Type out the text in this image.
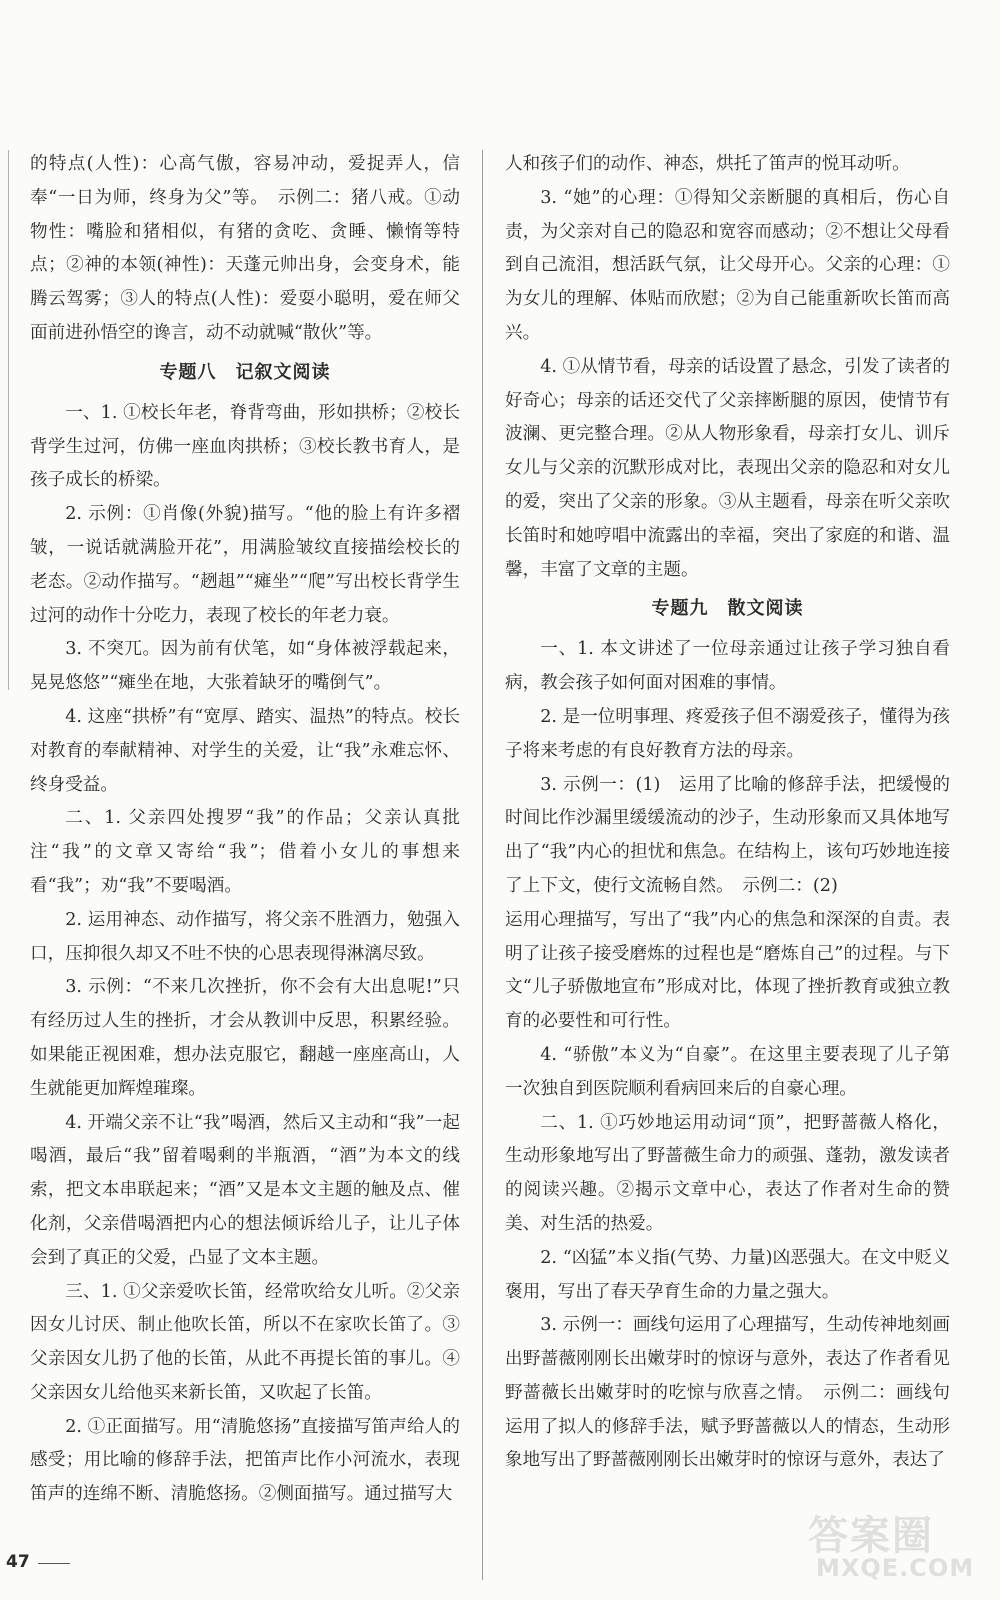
的特点(人性)：心高气傲，容易冲动，爱捉弄人，信奉“一日为师，终身为父”等。　示例二：猪八戒。①动物性：嘴脸和猪相似，有猪的贪吃、贪睡、懒惰等特点；②神的本领(神性)：天蓬元帅出身，会变身术，能腾云驾雾；③人的特点(人性)：爱耍小聪明，爱在师父面前进孙悟空的谗言，动不动就喊“散伙”等。

专题八　记叙文阅读

一、1. ①校长年老，脊背弯曲，形如拱桥；②校长背学生过河，仿佛一座血肉拱桥；③校长教书育人，是孩子成长的桥梁。

2. 示例：①肖像(外貌)描写。“他的脸上有许多褶皱，一说话就满脸开花”，用满脸皱纹直接描绘校长的老态。②动作描写。“趔趄”“瘫坐”“爬”写出校长背学生过河的动作十分吃力，表现了校长的年老力衰。

3. 不突兀。因为前有伏笔，如“身体被浮载起来，晃晃悠悠”“瘫坐在地，大张着缺牙的嘴倒气”。

4. 这座“拱桥”有“宽厚、踏实、温热”的特点。校长对教育的奉献精神、对学生的关爱，让“我”永难忘怀、终身受益。

二、1. 父亲四处搜罗“我”的作品；父亲认真批注“我”的文章又寄给“我”；借着小女儿的事想来看“我”；劝“我”不要喝酒。

2. 运用神态、动作描写，将父亲不胜酒力，勉强入口，压抑很久却又不吐不快的心思表现得淋漓尽致。

3. 示例：“不来几次挫折，你不会有大出息呢!”只有经历过人生的挫折，才会从教训中反思，积累经验。如果能正视困难，想办法克服它，翻越一座座高山，人生就能更加辉煌璀璨。

4. 开端父亲不让“我”喝酒，然后又主动和“我”一起喝酒，最后“我”留着喝剩的半瓶酒，“酒”为本文的线索，把文本串联起来；“酒”又是本文主题的触及点、催化剂，父亲借喝酒把内心的想法倾诉给儿子，让儿子体会到了真正的父爱，凸显了文本主题。

三、1. ①父亲爱吹长笛，经常吹给女儿听。②父亲因女儿讨厌、制止他吹长笛，所以不在家吹长笛了。③父亲因女儿扔了他的长笛，从此不再提长笛的事儿。④父亲因女儿给他买来新长笛，又吹起了长笛。

2. ①正面描写。用“清脆悠扬”直接描写笛声给人的感受；用比喻的修辞手法，把笛声比作小河流水，表现笛声的连绵不断、清脆悠扬。②侧面描写。通过描写大

人和孩子们的动作、神态，烘托了笛声的悦耳动听。

3. “她”的心理：①得知父亲断腿的真相后，伤心自责，为父亲对自己的隐忍和宽容而感动；②不想让父母看到自己流泪，想活跃气氛，让父母开心。父亲的心理：①为女儿的理解、体贴而欣慰；②为自己能重新吹长笛而高兴。

4. ①从情节看，母亲的话设置了悬念，引发了读者的好奇心；母亲的话还交代了父亲摔断腿的原因，使情节有波澜、更完整合理。②从人物形象看，母亲打女儿、训斥女儿与父亲的沉默形成对比，表现出父亲的隐忍和对女儿的爱，突出了父亲的形象。③从主题看，母亲在听父亲吹长笛时和她哼唱中流露出的幸福，突出了家庭的和谐、温馨，丰富了文章的主题。

专题九　散文阅读

一、1. 本文讲述了一位母亲通过让孩子学习独自看病，教会孩子如何面对困难的事情。

2. 是一位明事理、疼爱孩子但不溺爱孩子，懂得为孩子将来考虑的有良好教育方法的母亲。

3. 示例一：(1)　运用了比喻的修辞手法，把缓慢的时间比作沙漏里缓缓流动的沙子，生动形象而又具体地写出了“我”内心的担忧和焦急。在结构上，该句巧妙地连接了上下文，使行文流畅自然。　示例二：(2)

运用心理描写，写出了“我”内心的焦急和深深的自责。表明了让孩子接受磨炼的过程也是“磨炼自己”的过程。与下文“儿子骄傲地宣布”形成对比，体现了挫折教育或独立教育的必要性和可行性。

4. “骄傲”本义为“自豪”。在这里主要表现了儿子第一次独自到医院顺利看病回来后的自豪心理。

二、1. ①巧妙地运用动词“顶”，把野蔷薇人格化，生动形象地写出了野蔷薇生命力的顽强、蓬勃，激发读者的阅读兴趣。②揭示文章中心，表达了作者对生命的赞美、对生活的热爱。

2. “凶猛”本义指(气势、力量)凶恶强大。在文中贬义褒用，写出了春天孕育生命的力量之强大。

3. 示例一：画线句运用了心理描写，生动传神地刻画出野蔷薇刚刚长出嫩芽时的惊讶与意外，表达了作者看见野蔷薇长出嫩芽时的吃惊与欣喜之情。　示例二：画线句运用了拟人的修辞手法，赋予野蔷薇以人的情态，生动形象地写出了野蔷薇刚刚长出嫩芽时的惊讶与意外，表达了

47
答案圈
MXQE.COM
